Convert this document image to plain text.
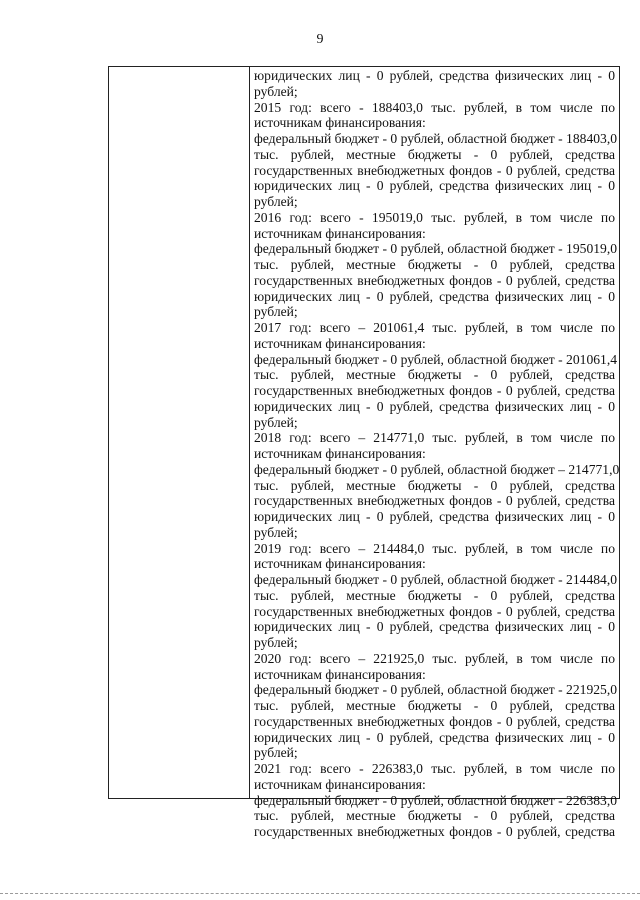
9
юридических лиц - 0 рублей, средства физических лиц - 0
рублей;
2015 год: всего - 188403,0 тыс. рублей, в том числе по
источникам финансирования:
федеральный бюджет - 0 рублей, областной бюджет - 188403,0
тыс. рублей, местные бюджеты - 0 рублей, средства
государственных внебюджетных фондов - 0 рублей, средства
юридических лиц - 0 рублей, средства физических лиц - 0
рублей;
2016 год: всего - 195019,0 тыс. рублей, в том числе по
источникам финансирования:
федеральный бюджет - 0 рублей, областной бюджет - 195019,0
тыс. рублей, местные бюджеты - 0 рублей, средства
государственных внебюджетных фондов - 0 рублей, средства
юридических лиц - 0 рублей, средства физических лиц - 0
рублей;
2017 год: всего – 201061,4 тыс. рублей, в том числе по
источникам финансирования:
федеральный бюджет - 0 рублей, областной бюджет - 201061,4
тыс. рублей, местные бюджеты - 0 рублей, средства
государственных внебюджетных фондов - 0 рублей, средства
юридических лиц - 0 рублей, средства физических лиц - 0
рублей;
2018 год: всего – 214771,0 тыс. рублей, в том числе по
источникам финансирования:
федеральный бюджет - 0 рублей, областной бюджет – 214771,0
тыс. рублей, местные бюджеты - 0 рублей, средства
государственных внебюджетных фондов - 0 рублей, средства
юридических лиц - 0 рублей, средства физических лиц - 0
рублей;
2019 год: всего – 214484,0 тыс. рублей, в том числе по
источникам финансирования:
федеральный бюджет - 0 рублей, областной бюджет - 214484,0
тыс. рублей, местные бюджеты - 0 рублей, средства
государственных внебюджетных фондов - 0 рублей, средства
юридических лиц - 0 рублей, средства физических лиц - 0
рублей;
2020 год: всего – 221925,0 тыс. рублей, в том числе по
источникам финансирования:
федеральный бюджет - 0 рублей, областной бюджет - 221925,0
тыс. рублей, местные бюджеты - 0 рублей, средства
государственных внебюджетных фондов - 0 рублей, средства
юридических лиц - 0 рублей, средства физических лиц - 0
рублей;
2021 год: всего - 226383,0 тыс. рублей, в том числе по
источникам финансирования:
федеральный бюджет - 0 рублей, областной бюджет - 226383,0
тыс. рублей, местные бюджеты - 0 рублей, средства
государственных внебюджетных фондов - 0 рублей, средства
